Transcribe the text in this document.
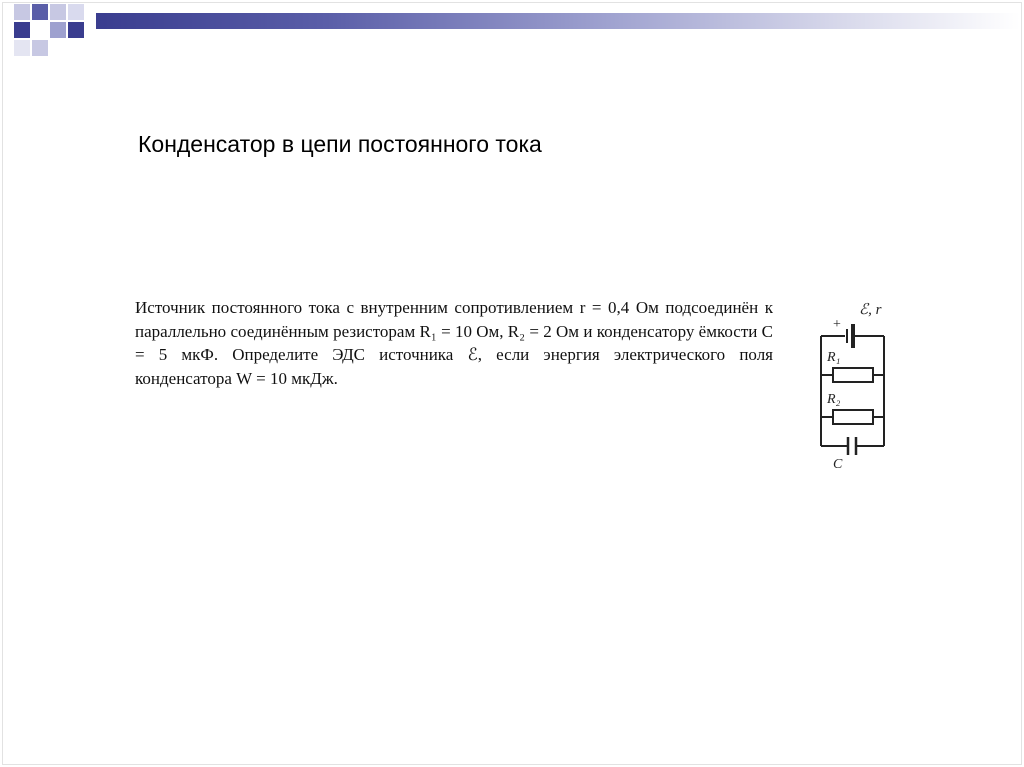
Конденсатор в цепи постоянного тока

Источник постоянного тока с внутренним сопротивлением r = 0,4 Ом подсоединён к параллельно соединённым резисторам R₁ = 10 Ом, R₂ = 2 Ом и конденсатору ёмкости C = 5 мкФ. Определите ЭДС источника ℰ, если энергия электрического поля конденсатора W = 10 мкДж.

ℰ, r
+
R₁
R₂
C
